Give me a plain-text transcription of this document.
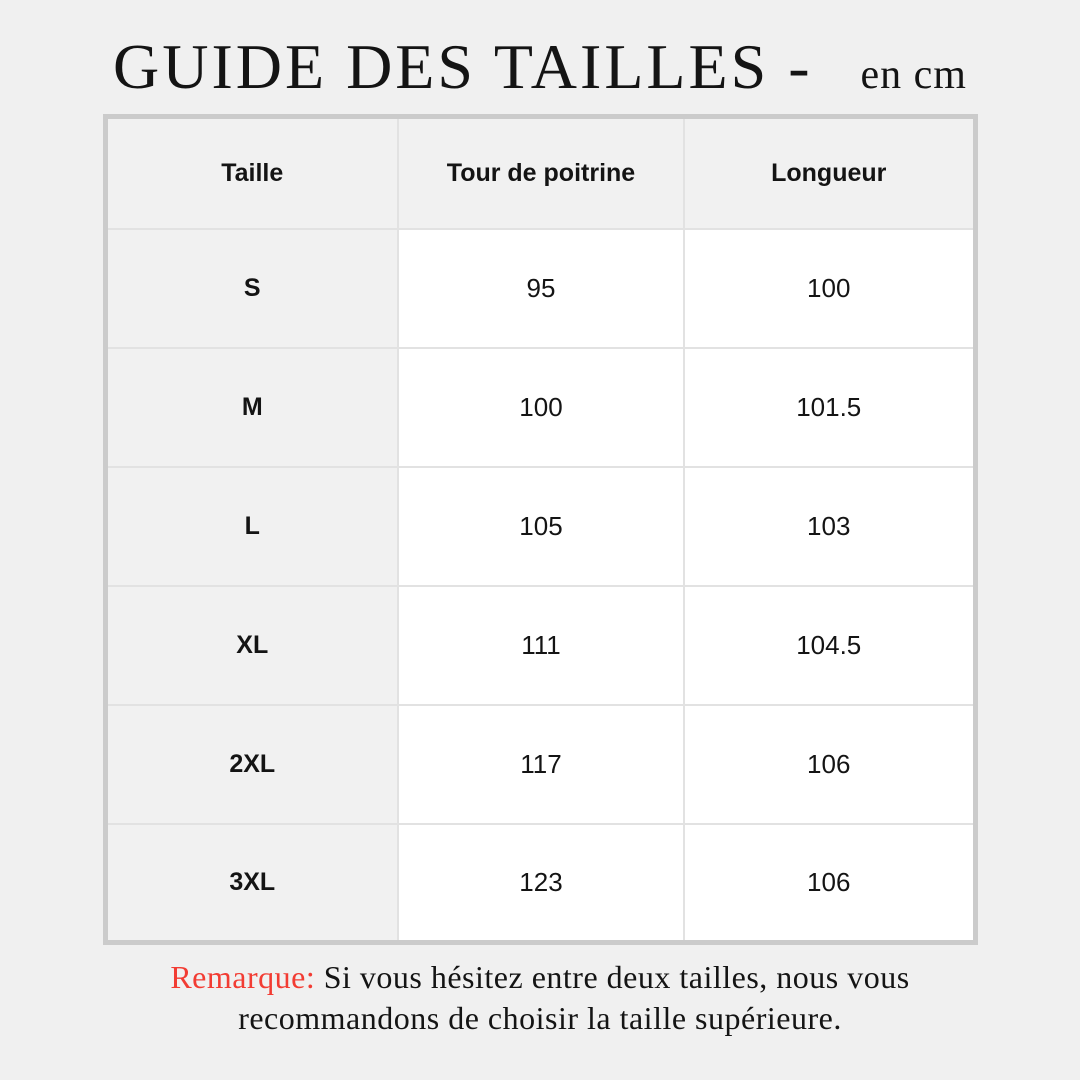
GUIDE DES TAILLES - en cm
Taille	Tour de poitrine	Longueur
S	95	100
M	100	101.5
L	105	103
XL	111	104.5
2XL	117	106
3XL	123	106
Remarque: Si vous hésitez entre deux tailles, nous vous recommandons de choisir la taille supérieure.
